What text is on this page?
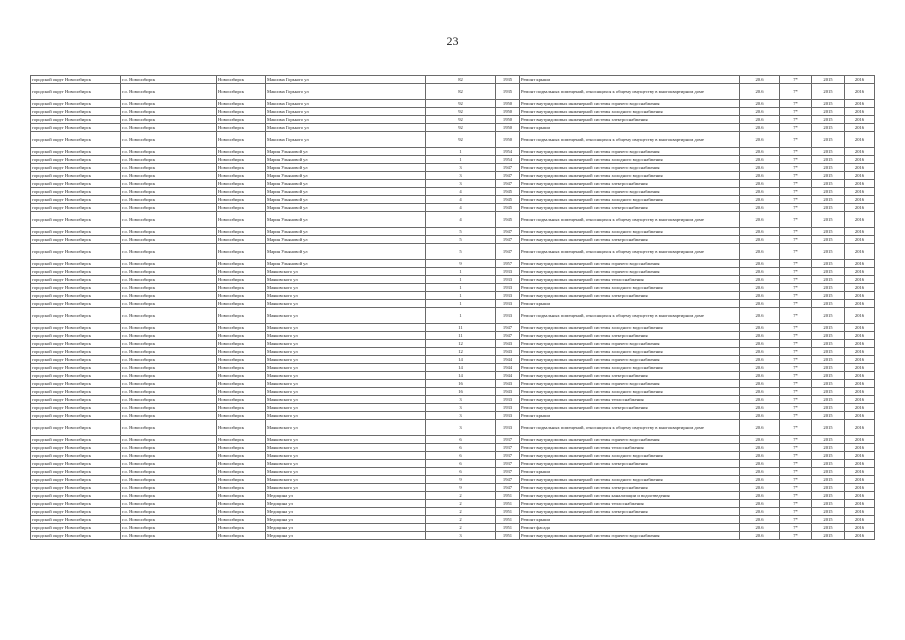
23
городской округ Новосибирск	г.о. Новосибирск	Новосибирск	Максима Горького ул	82	1935	Ремонт крыши	20.6	7*	2015	2016
городской округ Новосибирск	г.о. Новосибирск	Новосибирск	Максима Горького ул	82	1935	Ремонт подвальных помещений, относящихся к общему имуществу в многоквартирном доме	20.6	7*	2015	2016
городской округ Новосибирск	г.о. Новосибирск	Новосибирск	Максима Горького ул	92	1950	Ремонт внутридомовых инженерной системы горячего водоснабжения	20.6	7*	2015	2016
городской округ Новосибирск	г.о. Новосибирск	Новосибирск	Максима Горького ул	92	1950	Ремонт внутридомовых инженерной системы холодного водоснабжения	20.6	7*	2015	2016
городской округ Новосибирск	г.о. Новосибирск	Новосибирск	Максима Горького ул	92	1950	Ремонт внутридомовых инженерной системы электроснабжения	20.6	7*	2015	2016
городской округ Новосибирск	г.о. Новосибирск	Новосибирск	Максима Горького ул	92	1950	Ремонт крыши	20.6	7*	2015	2016
городской округ Новосибирск	г.о. Новосибирск	Новосибирск	Максима Горького ул	92	1950	Ремонт подвальных помещений, относящихся к общему имуществу в многоквартирном доме	20.6	7*	2015	2016
городской округ Новосибирск	г.о. Новосибирск	Новосибирск	Мария Ульяновой ул	1	1954	Ремонт внутридомовых инженерной системы горячего водоснабжения	20.6	7*	2015	2016
городской округ Новосибирск	г.о. Новосибирск	Новосибирск	Мария Ульяновой ул	1	1954	Ремонт внутридомовых инженерной системы холодного водоснабжения	20.6	7*	2015	2016
городской округ Новосибирск	г.о. Новосибирск	Новосибирск	Мария Ульяновой ул	3	1947	Ремонт внутридомовых инженерной системы горячего водоснабжения	20.6	7*	2015	2016
городской округ Новосибирск	г.о. Новосибирск	Новосибирск	Мария Ульяновой ул	3	1947	Ремонт внутридомовых инженерной системы холодного водоснабжения	20.6	7*	2015	2016
городской округ Новосибирск	г.о. Новосибирск	Новосибирск	Мария Ульяновой ул	3	1947	Ремонт внутридомовых инженерной системы электроснабжения	20.6	7*	2015	2016
городской округ Новосибирск	г.о. Новосибирск	Новосибирск	Мария Ульяновой ул	4	1945	Ремонт внутридомовых инженерной системы горячего водоснабжения	20.6	7*	2015	2016
городской округ Новосибирск	г.о. Новосибирск	Новосибирск	Мария Ульяновой ул	4	1945	Ремонт внутридомовых инженерной системы холодного водоснабжения	20.6	7*	2015	2016
городской округ Новосибирск	г.о. Новосибирск	Новосибирск	Мария Ульяновой ул	4	1945	Ремонт внутридомовых инженерной системы электроснабжения	20.6	7*	2015	2016
городской округ Новосибирск	г.о. Новосибирск	Новосибирск	Мария Ульяновой ул	4	1945	Ремонт подвальных помещений, относящихся к общему имуществу в многоквартирном доме	20.6	7*	2015	2016
городской округ Новосибирск	г.о. Новосибирск	Новосибирск	Мария Ульяновой ул	5	1947	Ремонт внутридомовых инженерной системы холодного водоснабжения	20.6	7*	2015	2016
городской округ Новосибирск	г.о. Новосибирск	Новосибирск	Мария Ульяновой ул	5	1947	Ремонт внутридомовых инженерной системы электроснабжения	20.6	7*	2015	2016
городской округ Новосибирск	г.о. Новосибирск	Новосибирск	Мария Ульяновой ул	5	1947	Ремонт подвальных помещений, относящихся к общему имуществу в многоквартирном доме	20.6	7*	2015	2016
городской округ Новосибирск	г.о. Новосибирск	Новосибирск	Мария Ульяновой ул	9	1957	Ремонт внутридомовых инженерной системы горячего водоснабжения	20.6	7*	2015	2016
городской округ Новосибирск	г.о. Новосибирск	Новосибирск	Маяковского ул	1	1933	Ремонт внутридомовых инженерной системы горячего водоснабжения	20.6	7*	2015	2016
городской округ Новосибирск	г.о. Новосибирск	Новосибирск	Маяковского ул	1	1933	Ремонт внутридомовых инженерной системы теплоснабжения	20.6	7*	2015	2016
городской округ Новосибирск	г.о. Новосибирск	Новосибирск	Маяковского ул	1	1933	Ремонт внутридомовых инженерной системы холодного водоснабжения	20.6	7*	2015	2016
городской округ Новосибирск	г.о. Новосибирск	Новосибирск	Маяковского ул	1	1933	Ремонт внутридомовых инженерной системы электроснабжения	20.6	7*	2015	2016
городской округ Новосибирск	г.о. Новосибирск	Новосибирск	Маяковского ул	1	1933	Ремонт крыши	20.6	7*	2015	2016
городской округ Новосибирск	г.о. Новосибирск	Новосибирск	Маяковского ул	1	1933	Ремонт подвальных помещений, относящихся к общему имуществу в многоквартирном доме	20.6	7*	2015	2016
городской округ Новосибирск	г.о. Новосибирск	Новосибирск	Маяковского ул	11	1947	Ремонт внутридомовых инженерной системы холодного водоснабжения	20.6	7*	2015	2016
городской округ Новосибирск	г.о. Новосибирск	Новосибирск	Маяковского ул	11	1947	Ремонт внутридомовых инженерной системы электроснабжения	20.6	7*	2015	2016
городской округ Новосибирск	г.о. Новосибирск	Новосибирск	Маяковского ул	12	1943	Ремонт внутридомовых инженерной системы горячего водоснабжения	20.6	7*	2015	2016
городской округ Новосибирск	г.о. Новосибирск	Новосибирск	Маяковского ул	12	1943	Ремонт внутридомовых инженерной системы холодного водоснабжения	20.6	7*	2015	2016
городской округ Новосибирск	г.о. Новосибирск	Новосибирск	Маяковского ул	14	1944	Ремонт внутридомовых инженерной системы горячего водоснабжения	20.6	7*	2015	2016
городской округ Новосибирск	г.о. Новосибирск	Новосибирск	Маяковского ул	14	1944	Ремонт внутридомовых инженерной системы холодного водоснабжения	20.6	7*	2015	2016
городской округ Новосибирск	г.о. Новосибирск	Новосибирск	Маяковского ул	14	1944	Ремонт внутридомовых инженерной системы электроснабжения	20.6	7*	2015	2016
городской округ Новосибирск	г.о. Новосибирск	Новосибирск	Маяковского ул	16	1943	Ремонт внутридомовых инженерной системы горячего водоснабжения	20.6	7*	2015	2016
городской округ Новосибирск	г.о. Новосибирск	Новосибирск	Маяковского ул	16	1943	Ремонт внутридомовых инженерной системы холодного водоснабжения	20.6	7*	2015	2016
городской округ Новосибирск	г.о. Новосибирск	Новосибирск	Маяковского ул	3	1933	Ремонт внутридомовых инженерной системы теплоснабжения	20.6	7*	2015	2016
городской округ Новосибирск	г.о. Новосибирск	Новосибирск	Маяковского ул	3	1933	Ремонт внутридомовых инженерной системы электроснабжения	20.6	7*	2015	2016
городской округ Новосибирск	г.о. Новосибирск	Новосибирск	Маяковского ул	3	1933	Ремонт крыши	20.6	7*	2015	2016
городской округ Новосибирск	г.о. Новосибирск	Новосибирск	Маяковского ул	3	1933	Ремонт подвальных помещений, относящихся к общему имуществу в многоквартирном доме	20.6	7*	2015	2016
городской округ Новосибирск	г.о. Новосибирск	Новосибирск	Маяковского ул	6	1937	Ремонт внутридомовых инженерной системы горячего водоснабжения	20.6	7*	2015	2016
городской округ Новосибирск	г.о. Новосибирск	Новосибирск	Маяковского ул	6	1937	Ремонт внутридомовых инженерной системы теплоснабжения	20.6	7*	2015	2016
городской округ Новосибирск	г.о. Новосибирск	Новосибирск	Маяковского ул	6	1937	Ремонт внутридомовых инженерной системы холодного водоснабжения	20.6	7*	2015	2016
городской округ Новосибирск	г.о. Новосибирск	Новосибирск	Маяковского ул	6	1937	Ремонт внутридомовых инженерной системы электроснабжения	20.6	7*	2015	2016
городской округ Новосибирск	г.о. Новосибирск	Новосибирск	Маяковского ул	6	1937	Ремонт крыши	20.6	7*	2015	2016
городской округ Новосибирск	г.о. Новосибирск	Новосибирск	Маяковского ул	9	1947	Ремонт внутридомовых инженерной системы холодного водоснабжения	20.6	7*	2015	2016
городской округ Новосибирск	г.о. Новосибирск	Новосибирск	Маяковского ул	9	1947	Ремонт внутридомовых инженерной системы электроснабжения	20.6	7*	2015	2016
городской округ Новосибирск	г.о. Новосибирск	Новосибирск	Медицина ул	2	1951	Ремонт внутридомовых инженерной системы канализации и водоотведения	20.6	7*	2015	2016
городской округ Новосибирск	г.о. Новосибирск	Новосибирск	Медицина ул	2	1951	Ремонт внутридомовых инженерной системы теплоснабжения	20.6	7*	2015	2016
городской округ Новосибирск	г.о. Новосибирск	Новосибирск	Медицина ул	2	1951	Ремонт внутридомовых инженерной системы электроснабжения	20.6	7*	2015	2016
городской округ Новосибирск	г.о. Новосибирск	Новосибирск	Медицина ул	2	1951	Ремонт крыши	20.6	7*	2015	2016
городской округ Новосибирск	г.о. Новосибирск	Новосибирск	Медицина ул	2	1951	Ремонт фасада	20.6	7*	2015	2016
городской округ Новосибирск	г.о. Новосибирск	Новосибирск	Медицина ул	3	1951	Ремонт внутридомовых инженерной системы горячего водоснабжения	20.6	7*	2015	2016
